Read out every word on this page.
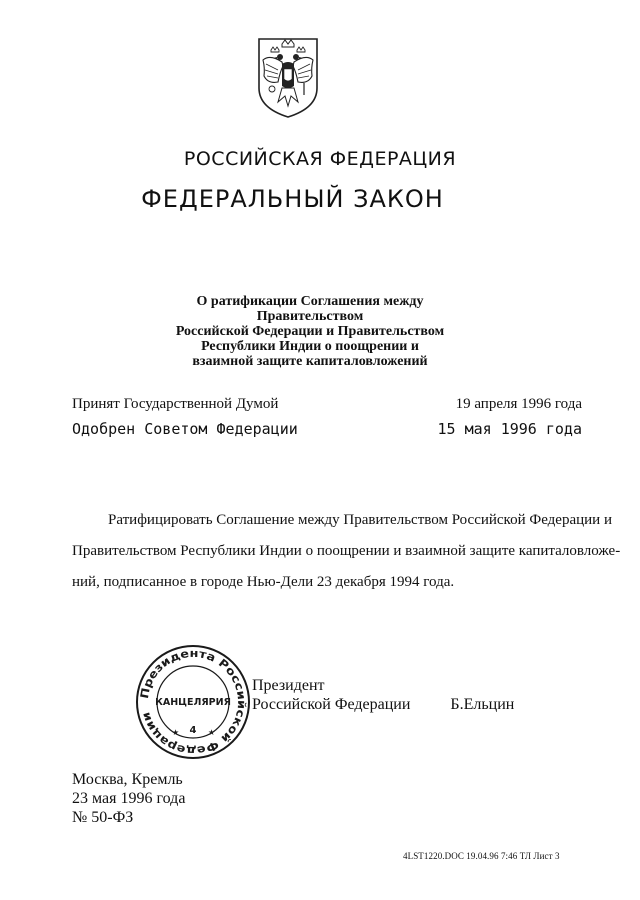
РОССИЙСКАЯ ФЕДЕРАЦИЯ
ФЕДЕРАЛЬНЫЙ ЗАКОН
О ратификации Соглашения между Правительством
Российской Федерации и Правительством
Республики Индии о поощрении и
взаимной защите капиталовложений
Принят Государственной Думой	19 апреля 1996 года
Одобрен Советом Федерации	15 мая 1996 года
Ратифицировать Соглашение между Правительством Российской Федерации и
Правительством Республики Индии о поощрении и взаимной защите капиталовложе-
ний, подписанное в городе Нью-Дели 23 декабря 1994 года.
Президента Российской Федерации
КАНЦЕЛЯРИЯ
4
★	★
Президент
Российской Федерации	Б.Ельцин
Москва, Кремль
23 мая 1996 года
№ 50-ФЗ
4LST1220.DOC 19.04.96 7:46 ТЛ Лист 3
